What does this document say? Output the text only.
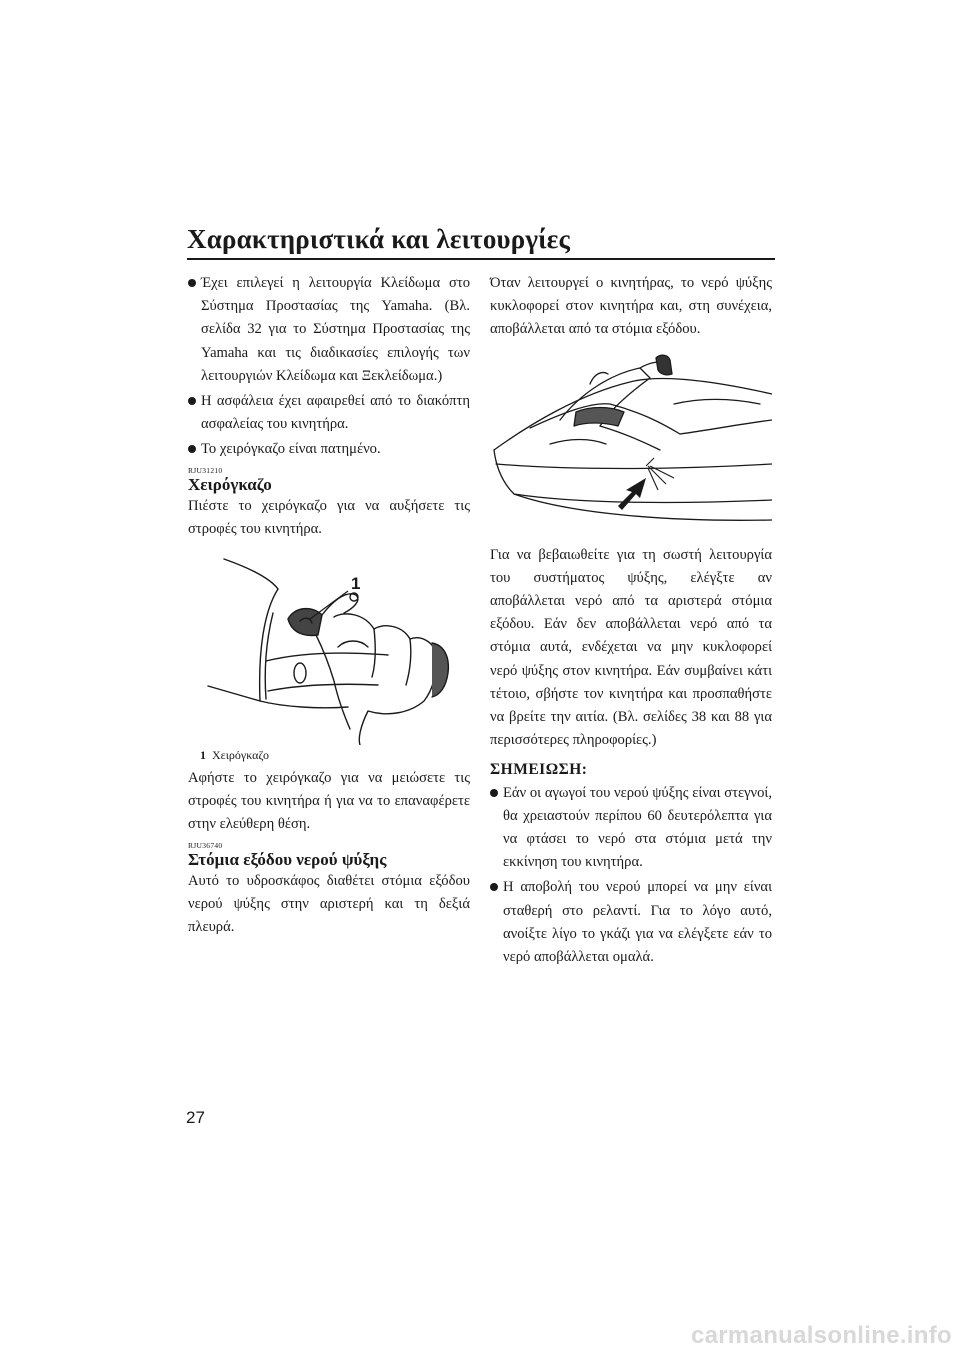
Χαρακτηριστικά και λειτουργίες
Έχει επιλεγεί η λειτουργία Κλείδωμα στο Σύστημα Προστασίας της Yamaha. (Βλ. σελίδα 32 για το Σύστημα Προστασίας της Yamaha και τις διαδικασίες επιλογής των λειτουργιών Κλείδωμα και Ξεκλείδωμα.)
Η ασφάλεια έχει αφαιρεθεί από το διακόπτη ασφαλείας του κινητήρα.
Το χειρόγκαζο είναι πατημένο.

RJU31210

Χειρόγκαζο

Πιέστε το χειρόγκαζο για να αυξήσετε τις στροφές του κινητήρα.

1
1 Χειρόγκαζο

Αφήστε το χειρόγκαζο για να μειώσετε τις στροφές του κινητήρα ή για να το επαναφέρετε στην ελεύθερη θέση.

RJU36740

Στόμια εξόδου νερού ψύξης

Αυτό το υδροσκάφος διαθέτει στόμια εξόδου νερού ψύξης στην αριστερή και τη δεξιά πλευρά.

Όταν λειτουργεί ο κινητήρας, το νερό ψύξης κυκλοφορεί στον κινητήρα και, στη συνέχεια, αποβάλλεται από τα στόμια εξόδου.

Για να βεβαιωθείτε για τη σωστή λειτουργία του συστήματος ψύξης, ελέγξτε αν αποβάλλεται νερό από τα αριστερά στόμια εξόδου. Εάν δεν αποβάλλεται νερό από τα στόμια αυτά, ενδέχεται να μην κυκλοφορεί νερό ψύξης στον κινητήρα. Εάν συμβαίνει κάτι τέτοιο, σβήστε τον κινητήρα και προσπαθήστε να βρείτε την αιτία. (Βλ. σελίδες 38 και 88 για περισσότερες πληροφορίες.)

ΣΗΜΕΙΩΣΗ:

Εάν οι αγωγοί του νερού ψύξης είναι στεγνοί, θα χρειαστούν περίπου 60 δευτερόλεπτα για να φτάσει το νερό στα στόμια μετά την εκκίνηση του κινητήρα.
Η αποβολή του νερού μπορεί να μην είναι σταθερή στο ρελαντί. Για το λόγο αυτό, ανοίξτε λίγο το γκάζι για να ελέγξετε εάν το νερό αποβάλλεται ομαλά.
27
carmanualsonline.info
